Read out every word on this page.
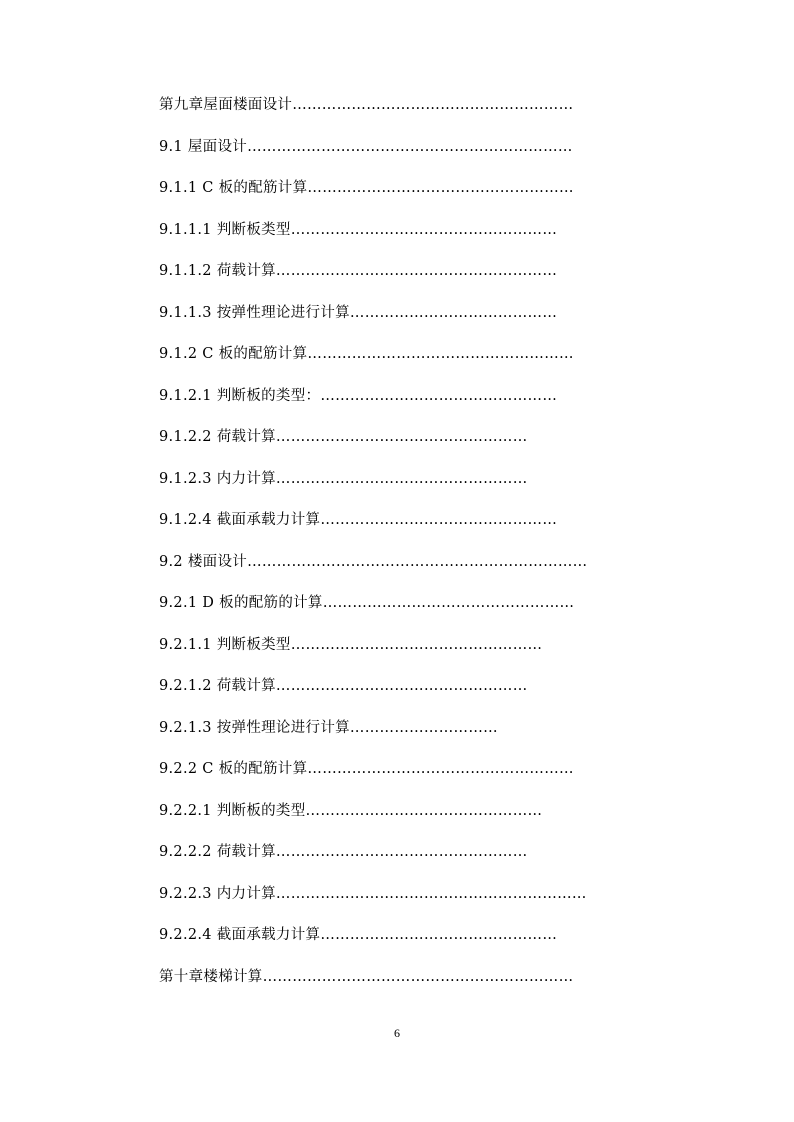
第九章屋面楼面设计…………………………………………………
9.1 屋面设计…………………………………………………………
9.1.1 C 板的配筋计算………………………………………………
9.1.1.1 判断板类型………………………………………………
9.1.1.2 荷载计算…………………………………………………
9.1.1.3 按弹性理论进行计算……………………………………
9.1.2 C 板的配筋计算………………………………………………
9.1.2.1 判断板的类型：…………………………………………
9.1.2.2 荷载计算……………………………………………
9.1.2.3 内力计算……………………………………………
9.1.2.4 截面承载力计算…………………………………………
9.2 楼面设计……………………………………………………………
9.2.1 D 板的配筋的计算……………………………………………
9.2.1.1 判断板类型……………………………………………
9.2.1.2 荷载计算……………………………………………
9.2.1.3 按弹性理论进行计算…………………………
9.2.2 C 板的配筋计算………………………………………………
9.2.2.1 判断板的类型…………………………………………
9.2.2.2 荷载计算……………………………………………
9.2.2.3 内力计算………………………………………………………
9.2.2.4 截面承载力计算…………………………………………
第十章楼梯计算………………………………………………………
6
